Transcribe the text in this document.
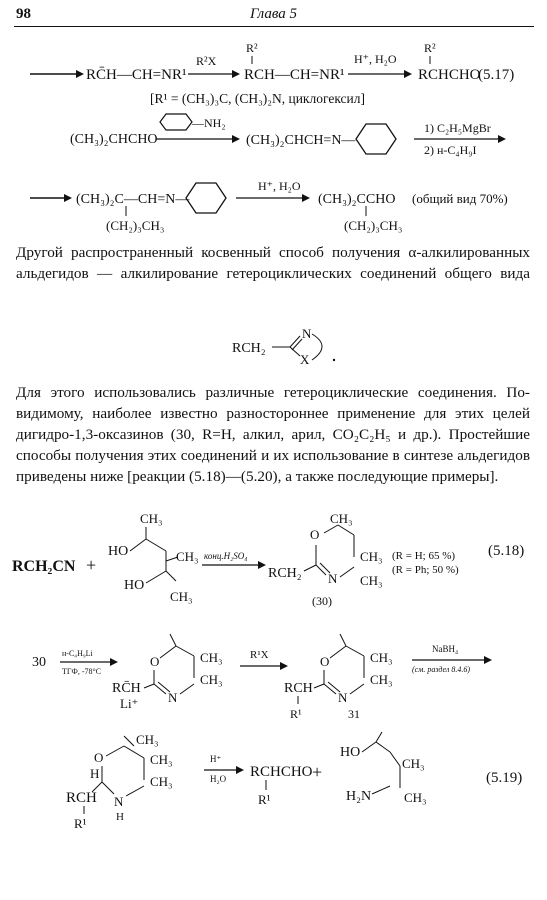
98	Глава 5
RC̄H—CH=NR¹
R²X
R²
RCH—CH=NR¹
H⁺, H₂O
R²
RCHCHO
(5.17)
[R¹ = (CH₃)₃C, (CH₃)₂N, циклогексил]
(CH₃)₂CHCHO
—NH₂
(CH₃)₂CHCH=N—
1) C₂H₅MgBr
2) н-C₄H₉I
(CH₃)₂C—CH=N—
(CH₂)₃CH₃
H⁺, H₂O
(CH₃)₂CCHO
(CH₂)₃CH₃
(общий вид 70%)

Другой распространенный косвенный способ получения α-алкилированных альдегидов — алкилирование гетероциклических соединений общего вида

RCH₂
N
X

Для этого использовались различные гетероциклические соединения. По-видимому, наиболее известно разностороннее применение для этих целей дигидро-1,3-оксазинов (30, R=H, алкил, арил, CO₂C₂H₅ и др.). Простейшие способы получения этих соединений и их использование в синтезе альдегидов приведены ниже [реакции (5.18)—(5.20), а также последующие примеры].

RCH₂CN +
CH₃
HO	CH₃
HO
CH₃
конц.H₂SO₄
RCH₂
O
CH₃
N
CH₃
CH₃
(R = H; 65 %)
(R = Ph; 50 %)
(30)
(5.18)
30
н-C₄H₉Li
ТГФ, -78°C
O
N
CH₃
CH₃
RC̄H
Li⁺
R¹X	O
N
CH₃
CH₃
RCH
R¹	31
NaBH₄
(см. раздел 8.4.6)
CH₃
O
H
N
H
CH₃
CH₃
RCH
R¹
H⁺
H₂O RCHCHO
R¹
+
HO
CH₃
H₂N	CH₃
(5.19)
